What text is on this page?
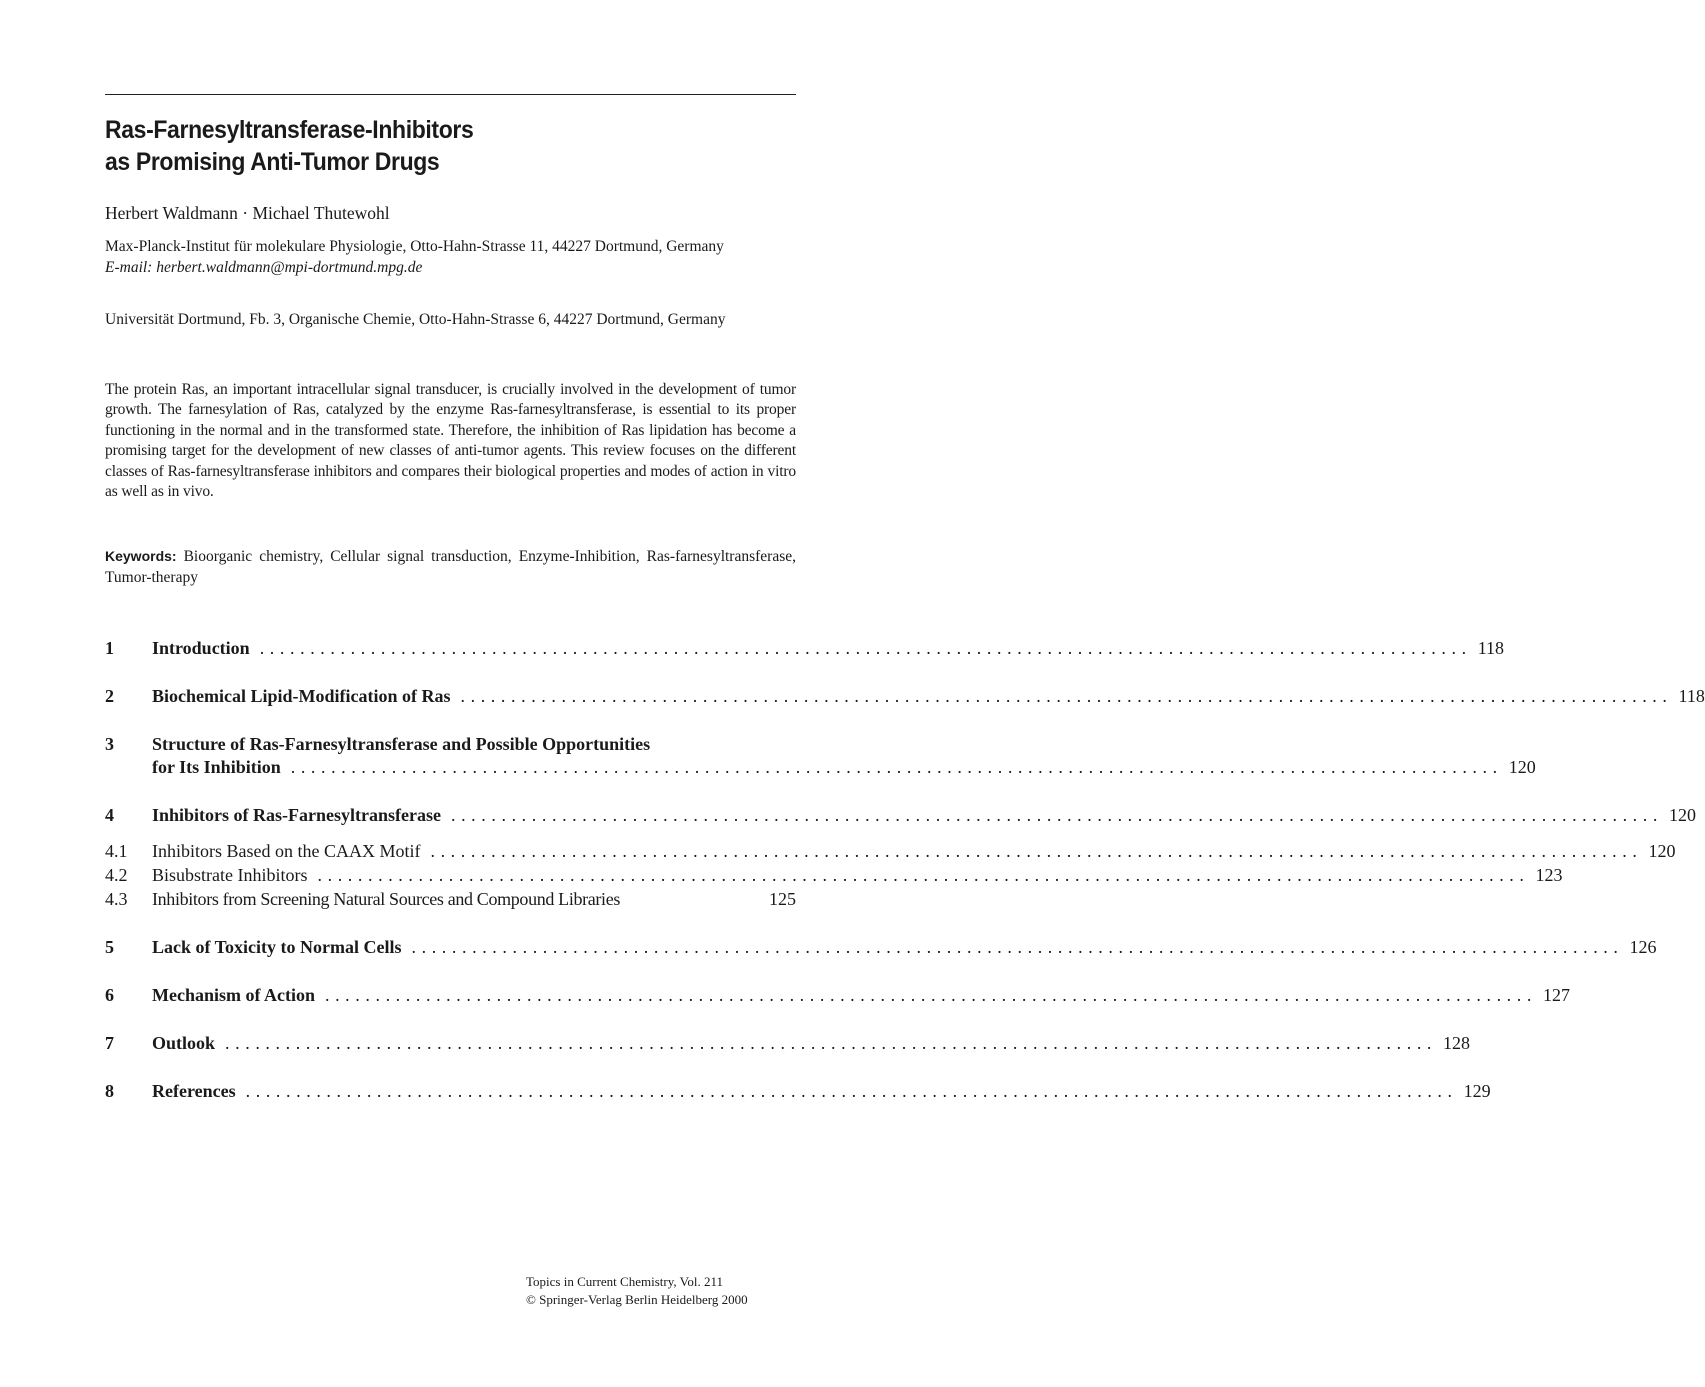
Ras-Farnesyltransferase-Inhibitors
as Promising Anti-Tumor Drugs
Herbert Waldmann · Michael Thutewohl
Max-Planck-Institut für molekulare Physiologie, Otto-Hahn-Strasse 11, 44227 Dortmund, Germany
E-mail: herbert.waldmann@mpi-dortmund.mpg.de
Universität Dortmund, Fb. 3, Organische Chemie, Otto-Hahn-Strasse 6, 44227 Dortmund, Germany
The protein Ras, an important intracellular signal transducer, is crucially involved in the development of tumor growth. The farnesylation of Ras, catalyzed by the enzyme Ras-farnesyltransferase, is essential to its proper functioning in the normal and in the transformed state. Therefore, the inhibition of Ras lipidation has become a promising target for the development of new classes of anti-tumor agents. This review focuses on the different classes of Ras-farnesyltransferase inhibitors and compares their biological properties and modes of action in vitro as well as in vivo.
Keywords: Bioorganic chemistry, Cellular signal transduction, Enzyme-Inhibition, Ras-farnesyltransferase, Tumor-therapy
1 Introduction ........................................................................................................................ 118
2 Biochemical Lipid-Modification of Ras ........................................................................................................................ 118
3 Structure of Ras-Farnesyltransferase and Possible Opportunities
for Its Inhibition ........................................................................................................................ 120
4 Inhibitors of Ras-Farnesyltransferase ........................................................................................................................ 120
4.1 Inhibitors Based on the CAAX Motif ........................................................................................................................ 120
4.2 Bisubstrate Inhibitors ........................................................................................................................ 123
4.3 Inhibitors from Screening Natural Sources and Compound Libraries	125
5 Lack of Toxicity to Normal Cells ........................................................................................................................ 126
6 Mechanism of Action ........................................................................................................................ 127
7 Outlook ........................................................................................................................ 128
8 References ........................................................................................................................ 129
Topics in Current Chemistry, Vol. 211
© Springer-Verlag Berlin Heidelberg 2000
